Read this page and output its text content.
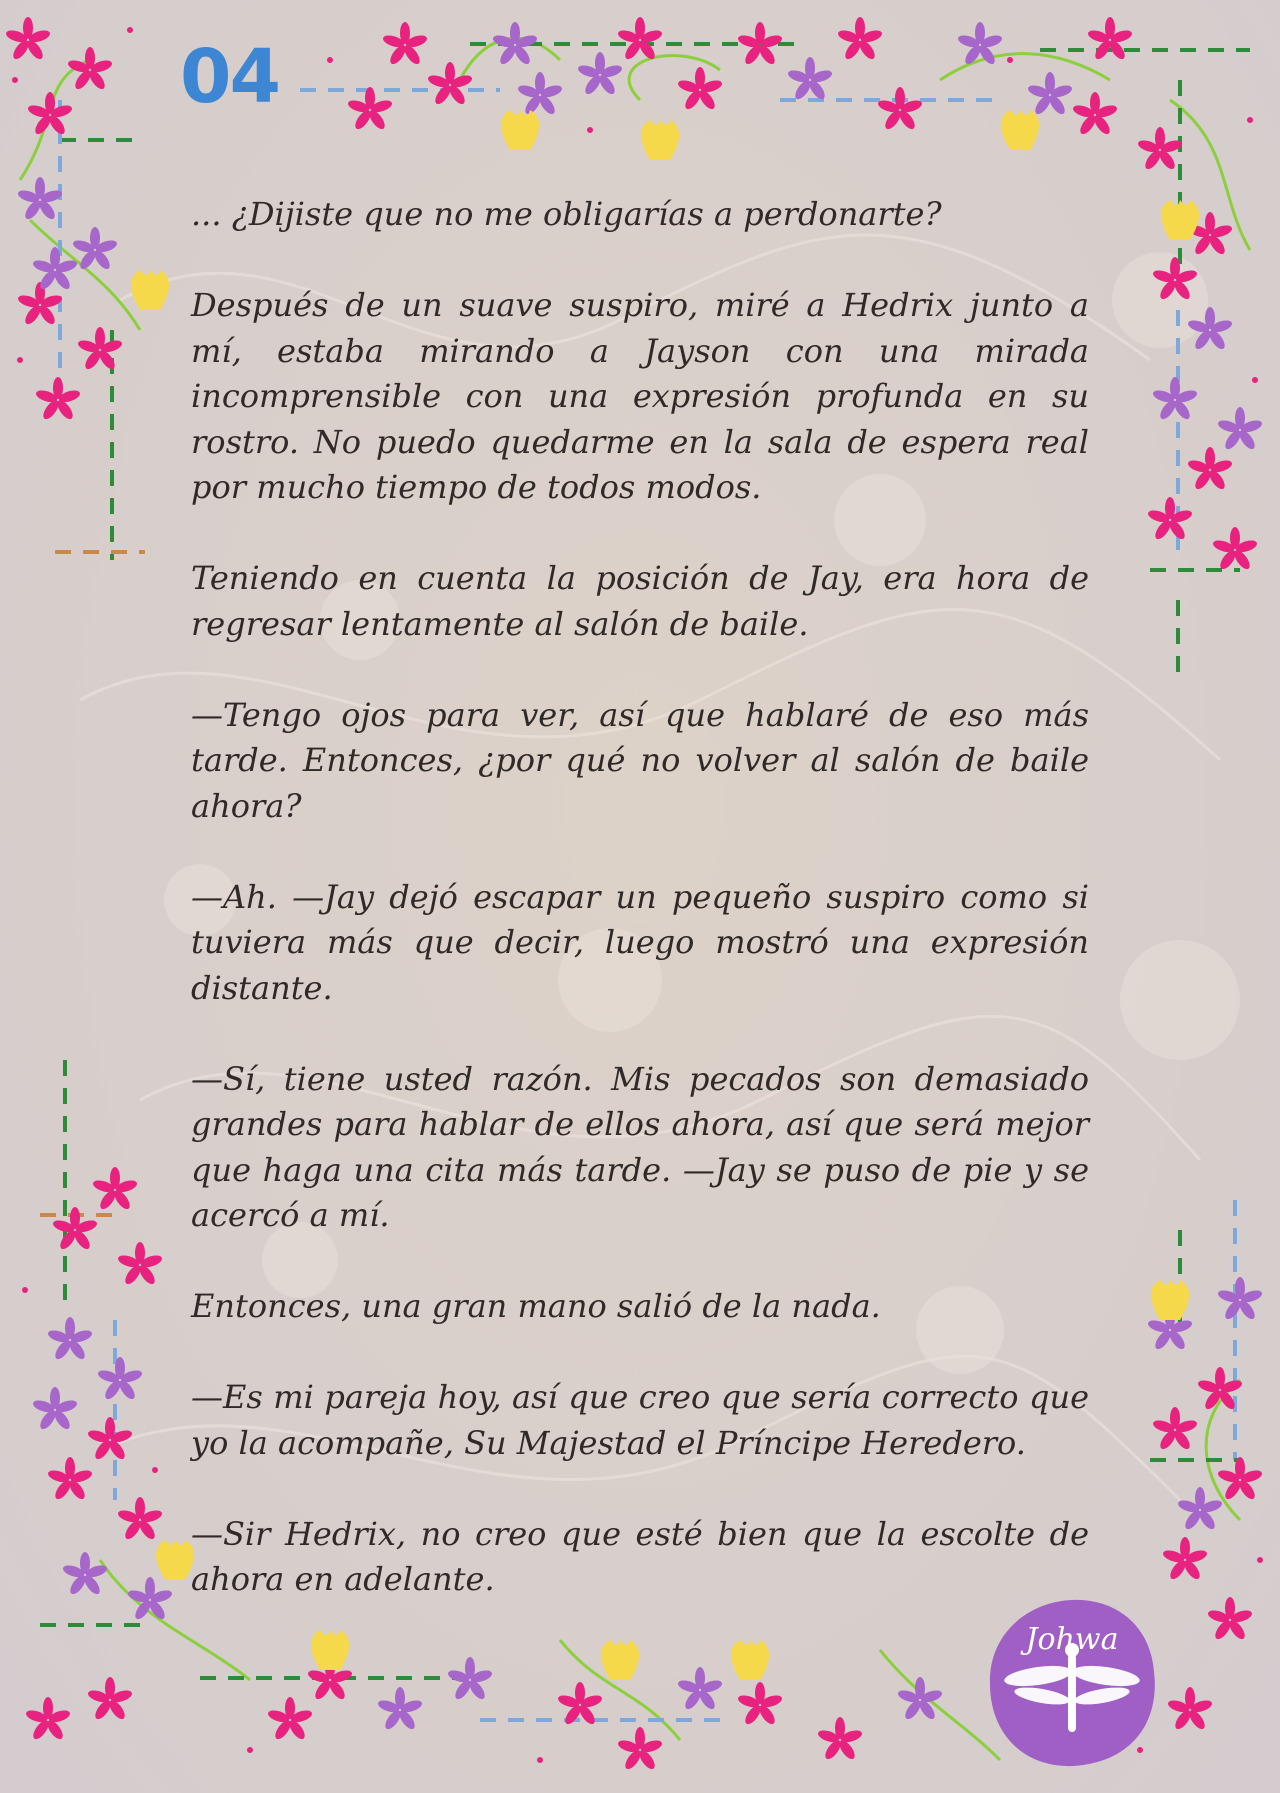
04

... ¿Dijiste que no me obligarías a perdonarte?

Después de un suave suspiro, miré a Hedrix junto a mí, estaba mirando a Jayson con una mirada incomprensible con una expresión profunda en su rostro. No puedo quedarme en la sala de espera real por mucho tiempo de todos modos.

Teniendo en cuenta la posición de Jay, era hora de regresar lentamente al salón de baile.

—Tengo ojos para ver, así que hablaré de eso más tarde. Entonces, ¿por qué no volver al salón de baile ahora?

—Ah. —Jay dejó escapar un pequeño suspiro como si tuviera más que decir, luego mostró una expresión distante.

—Sí, tiene usted razón. Mis pecados son demasiado grandes para hablar de ellos ahora, así que será mejor que haga una cita más tarde. —Jay se puso de pie y se acercó a mí.

Entonces, una gran mano salió de la nada.

—Es mi pareja hoy, así que creo que sería correcto que yo la acompañe, Su Majestad el Príncipe Heredero.

—Sir Hedrix, no creo que esté bien que la escolte de ahora en adelante.

Johwa
